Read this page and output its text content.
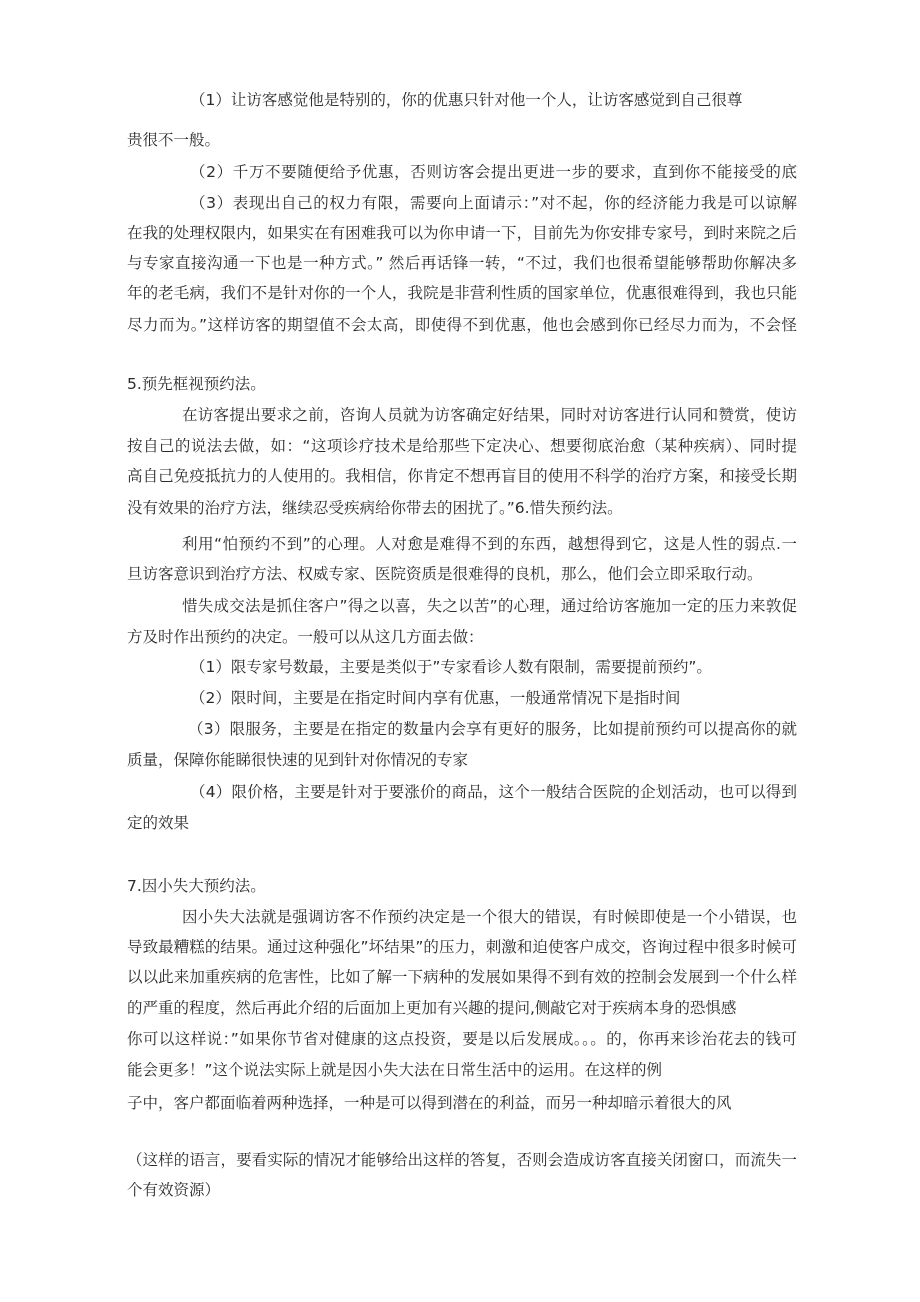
（1）让访客感觉他是特别的，你的优惠只针对他一个人，让访客感觉到自己很尊
贵很不一般。
（2）千万不要随便给予优惠，否则访客会提出更进一步的要求，直到你不能接受的底
（3）表现出自己的权力有限，需要向上面请示：”对不起，你的经济能力我是可以谅解
在我的处理权限内，如果实在有困难我可以为你申请一下，目前先为你安排专家号，到时来院之后
与专家直接沟通一下也是一种方式。” 然后再话锋一转，“不过，我们也很希望能够帮助你解决多
年的老毛病，我们不是针对你的一个人，我院是非营利性质的国家单位，优惠很难得到，我也只能
尽力而为。”这样访客的期望值不会太高，即使得不到优惠，他也会感到你已经尽力而为，不会怪
5.预先框视预约法。
在访客提出要求之前，咨询人员就为访客确定好结果，同时对访客进行认同和赞赏，使访
按自己的说法去做，如：“这项诊疗技术是给那些下定决心、想要彻底治愈（某种疾病）、同时提
高自己免疫抵抗力的人使用的。我相信，你肯定不想再盲目的使用不科学的治疗方案，和接受长期
没有效果的治疗方法，继续忍受疾病给你带去的困扰了。”6.惜失预约法。
利用“怕预约不到”的心理。人对愈是难得不到的东西，越想得到它，这是人性的弱点.一
旦访客意识到治疗方法、权威专家、医院资质是很难得的良机，那么，他们会立即采取行动。
惜失成交法是抓住客户”得之以喜，失之以苦”的心理，通过给访客施加一定的压力来敦促
方及时作出预约的决定。一般可以从这几方面去做：
（1）限专家号数最，主要是类似于”专家看诊人数有限制，需要提前预约”。
（2）限时间，主要是在指定时间内享有优惠，一般通常情况下是指时间
（3）限服务，主要是在指定的数量内会享有更好的服务，比如提前预约可以提高你的就
质量，保障你能睇很快速的见到针对你情况的专家
（4）限价格，主要是针对于要涨价的商品，这个一般结合医院的企划活动，也可以得到
定的效果
7.因小失大预约法。
因小失大法就是强调访客不作预约决定是一个很大的错误，有时候即使是一个小错误，也
导致最糟糕的结果。通过这种强化”坏结果”的压力，刺激和迫使客户成交，咨询过程中很多时候可
以以此来加重疾病的危害性，比如了解一下病种的发展如果得不到有效的控制会发展到一个什么样
的严重的程度，然后再此介绍的后面加上更加有兴趣的提问,侧敲它对于疾病本身的恐惧感
你可以这样说：”如果你节省对健康的这点投资，要是以后发展成。。。的，你再来诊治花去的钱可
能会更多！”这个说法实际上就是因小失大法在日常生活中的运用。在这样的例
子中，客户都面临着两种选择，一种是可以得到潜在的利益，而另一种却暗示着很大的风
（这样的语言，要看实际的情况才能够给出这样的答复，否则会造成访客直接关闭窗口，而流失一
个有效资源）
